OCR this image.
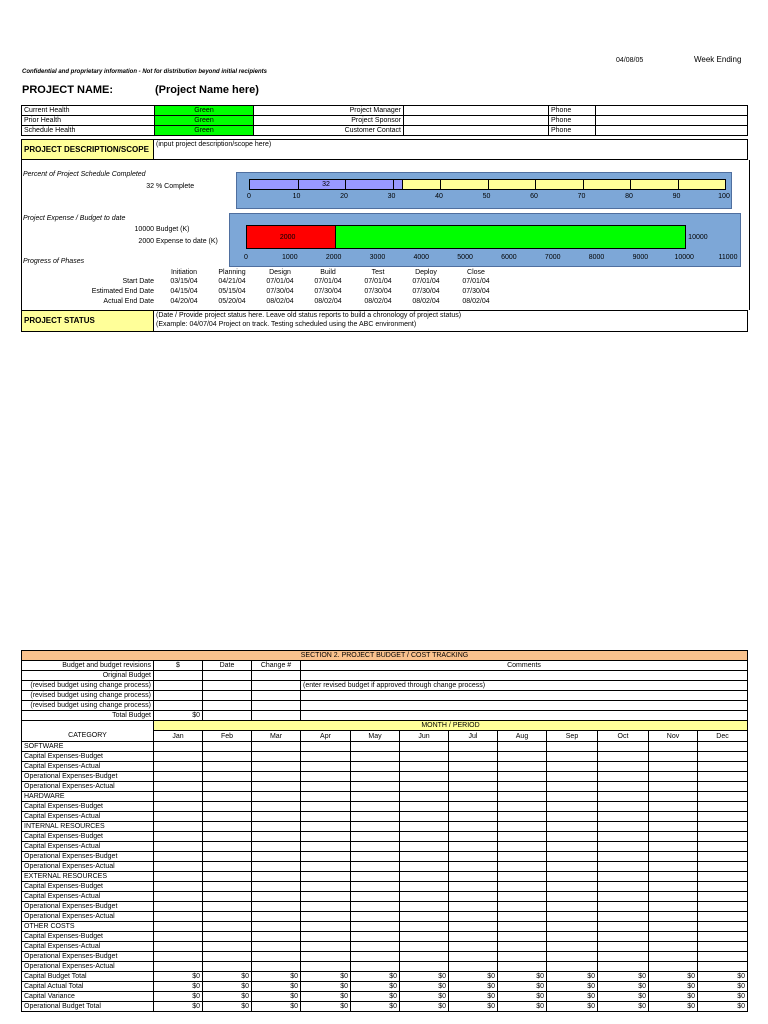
04/08/05	Week Ending
Confidential and proprietary information - Not for distribution beyond initial recipients
PROJECT NAME:	(Project Name here)
Current Health	Green	Project Manager		Phone	
Prior Health	Green	Project Sponsor		Phone	
Schedule Health	Green	Customer Contact		Phone	
PROJECT DESCRIPTION/SCOPE	(input project description/scope here)
Percent of Project Schedule Completed
32 % Complete	32
0	10	20	30	40	50	60	70	80	90	100
Project Expense / Budget to date
10000 Budget (K)
2000 Expense to date (K)
2000	10000
0	1000	2000	3000	4000	5000	6000	7000	8000	9000	10000	11000
Progress of Phases
Initiation	Planning	Design	Build	Test	Deploy	Close
Start Date	03/15/04	04/21/04	07/01/04	07/01/04	07/01/04	07/01/04	07/01/04
Estimated End Date	04/15/04	05/15/04	07/30/04	07/30/04	07/30/04	07/30/04	07/30/04
Actual End Date	04/20/04	05/20/04	08/02/04	08/02/04	08/02/04	08/02/04	08/02/04
PROJECT STATUS	
(Date / Provide project status here. Leave old status reports to build a chronology of project status)
(Example: 04/07/04 Project on track. Testing scheduled using the ABC environment)
SECTION 2. PROJECT BUDGET / COST TRACKING												
Budget and budget revisions	$	Date	Change #	Comments								
Original Budget												
(revised budget using change process)				(enter revised budget if approved through change process)								
(revised budget using change process)												
(revised budget using change process)												
Total Budget	$0											
	MONTH / PERIOD											
CATEGORY	Jan	Feb	Mar	Apr	May	Jun	Jul	Aug	Sep	Oct	Nov	Dec
SOFTWARE												
Capital Expenses-Budget												
Capital Expenses-Actual												
Operational Expenses-Budget												
Operational Expenses-Actual												
HARDWARE												
Capital Expenses-Budget												
Capital Expenses-Actual												
INTERNAL RESOURCES												
Capital Expenses-Budget												
Capital Expenses-Actual												
Operational Expenses-Budget												
Operational Expenses-Actual												
EXTERNAL RESOURCES												
Capital Expenses-Budget												
Capital Expenses-Actual												
Operational Expenses-Budget												
Operational Expenses-Actual												
OTHER COSTS												
Capital Expenses-Budget												
Capital Expenses-Actual												
Operational Expenses-Budget												
Operational Expenses-Actual												
Capital Budget Total	$0	$0	$0	$0	$0	$0	$0	$0	$0	$0	$0	$0
Capital Actual Total	$0	$0	$0	$0	$0	$0	$0	$0	$0	$0	$0	$0
Capital Variance	$0	$0	$0	$0	$0	$0	$0	$0	$0	$0	$0	$0
Operational Budget Total	$0	$0	$0	$0	$0	$0	$0	$0	$0	$0	$0	$0
